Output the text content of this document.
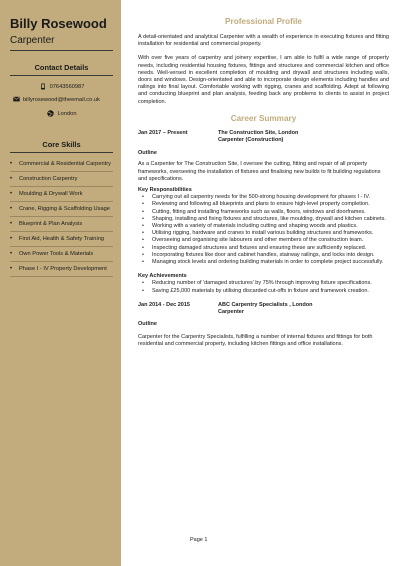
Billy Rosewood
Carpenter
Contact Details
07643560987
billyrosewood@theemail.co.uk
London
Core Skills
•	Commercial & Residential Carpentry
•	Construction Carpentry
•	Moulding & Drywall Work
•	Crane, Rigging & Scaffolding Usage
•	Blueprint & Plan Analysis
•	First Aid, Health & Safety Training
•	Own Power Tools & Materials
•	Phase I - IV Property Development
Professional Profile
A detail-orientated and analytical Carpenter with a wealth of experience in executing fixtures and fitting installation for residential and commercial property.
With over five years of carpentry and joinery expertise, I am able to fulfil a wide range of property needs, including residential housing fixtures, fittings and structures and commercial kitchen and office needs. Well-versed in excellent completion of moulding and drywall and structures including walls, doors and windows. Design-orientated and able to incorporate design elements including handles and railings into final layout. Comfortable working with rigging, cranes and scaffolding. Adept at following and conducting blueprint and plan analysis, feeding back any problems to clients to assist in project completion.
Career Summary
Jan 2017 – Present	The Construction Site, London
Carpenter (Construction)
Outline
As a Carpenter for The Construction Site, I oversee the cutting, fitting and repair of all property frameworks, overseeing the installation of fixtures and finalising new builds to fit building regulations and specifications.
Key Responsibilities
•	Carrying out all carpentry needs for the 500-strong housing development for phases I - IV.
•	Reviewing and following all blueprints and plans to ensure high-level property completion.
•	Cutting, fitting and installing frameworks such as walls, floors, windows and doorframes.
•	Shaping, installing and fixing fixtures and structures, like moulding, drywall and kitchen cabinets.
•	Working with a variety of materials including cutting and shaping woods and plastics.
•	Utilising rigging, hardware and cranes to install various building structures and frameworks.
•	Overseeing and organising site labourers and other members of the construction team.
•	Inspecting damaged structures and fixtures and ensuring these are sufficiently replaced.
•	Incorporating fixtures like door and cabinet handles, stairway railings, and locks into design.
•	Managing stock levels and ordering building materials in order to complete project successfully.
Key Achievements
•	Reducing number of 'damaged structures' by 75% through improving fixture specifications.
•	Saving £25,000 materials by utilising discarded cut-offs in fixture and framework creation.
Jan 2014 - Dec 2015	ABC Carpentry Specialists , London
Carpenter
Outline
Carpenter for the Carpentry Specialists, fulfilling a number of internal fixtures and fittings for both residential and commercial property, including kitchen fittings and office installations.
Page 1
